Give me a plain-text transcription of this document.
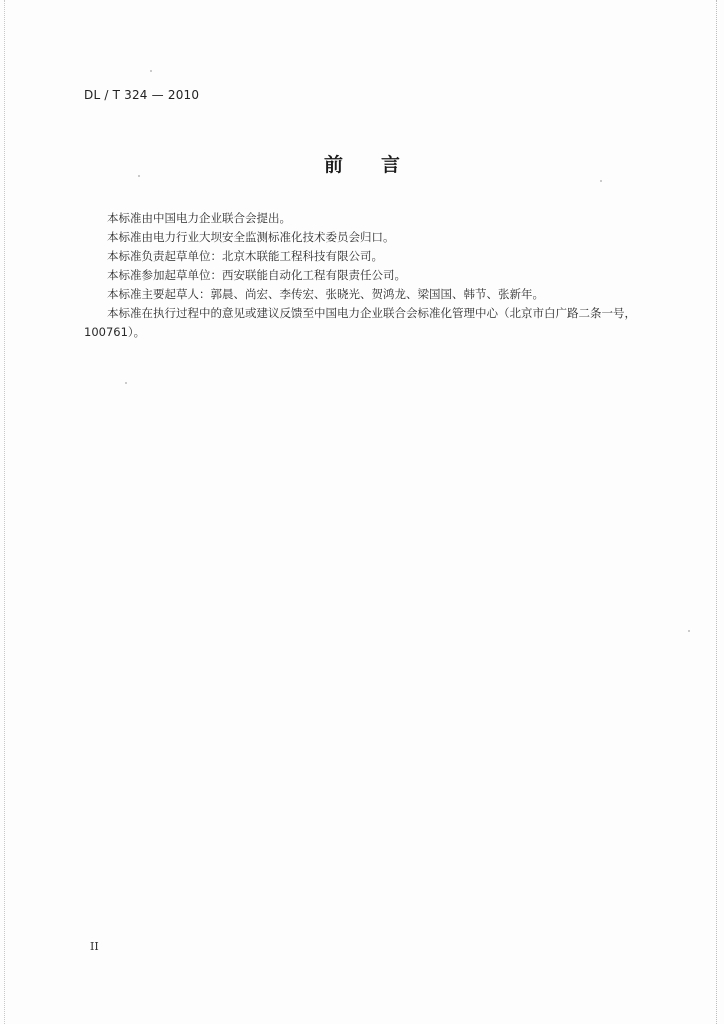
DL / T 324 — 2010
前言

本标准由中国电力企业联合会提出。

本标准由电力行业大坝安全监测标准化技术委员会归口。

本标准负责起草单位：北京木联能工程科技有限公司。

本标准参加起草单位：西安联能自动化工程有限责任公司。

本标准主要起草人：郭晨、尚宏、李传宏、张晓光、贺鸿龙、梁国国、韩节、张新年。

本标准在执行过程中的意见或建议反馈至中国电力企业联合会标准化管理中心（北京市白广路二条一号，100761）。

II
